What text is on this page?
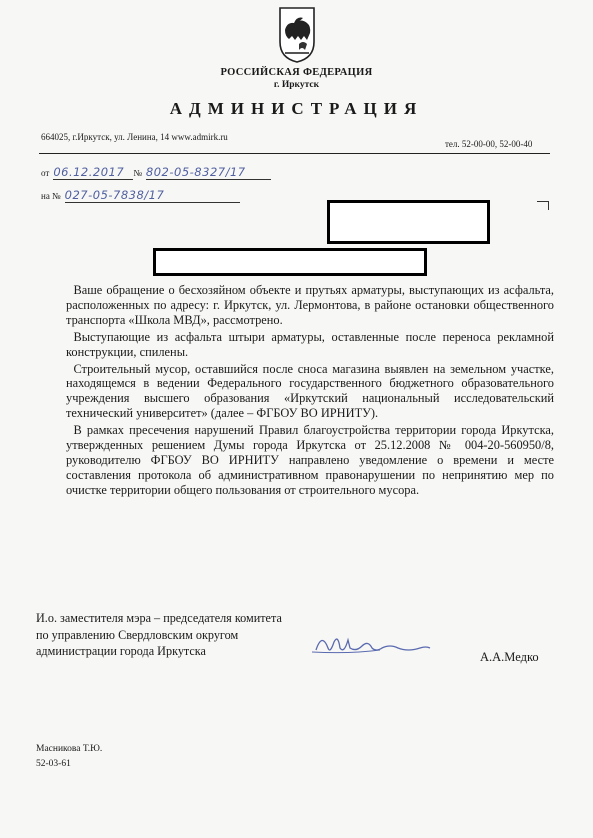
РОССИЙСКАЯ ФЕДЕРАЦИЯ
г. Иркутск
АДМИНИСТРАЦИЯ
664025, г.Иркутск, ул. Ленина, 14 www.admirk.ru
тел. 52-00-00, 52-00-40
от 06.12.2017 № 802-05-8327/17
на № 027-05-7838/17

Ваше обращение о бесхозяйном объекте и прутьях арматуры, выступающих из асфальта, расположенных по адресу: г. Иркутск, ул. Лермонтова, в районе остановки общественного транспорта «Школа МВД», рассмотрено.

Выступающие из асфальта штыри арматуры, оставленные после переноса рекламной конструкции, спилены.

Строительный мусор, оставшийся после сноса магазина выявлен на земельном участке, находящемся в ведении Федерального государственного бюджетного образовательного учреждения высшего образования «Иркутский национальный исследовательский технический университет» (далее – ФГБОУ ВО ИРНИТУ).

В рамках пресечения нарушений Правил благоустройства территории города Иркутска, утвержденных решением Думы города Иркутска от 25.12.2008 № 004-20-560950/8, руководителю ФГБОУ ВО ИРНИТУ направлено уведомление о времени и месте составления протокола об административном правонарушении по непринятию мер по очистке территории общего пользования от строительного мусора.

И.о. заместителя мэра – председателя комитета
по управлению Свердловским округом
администрации города Иркутска	А.А.Медко
Масникова Т.Ю.
52-03-61
